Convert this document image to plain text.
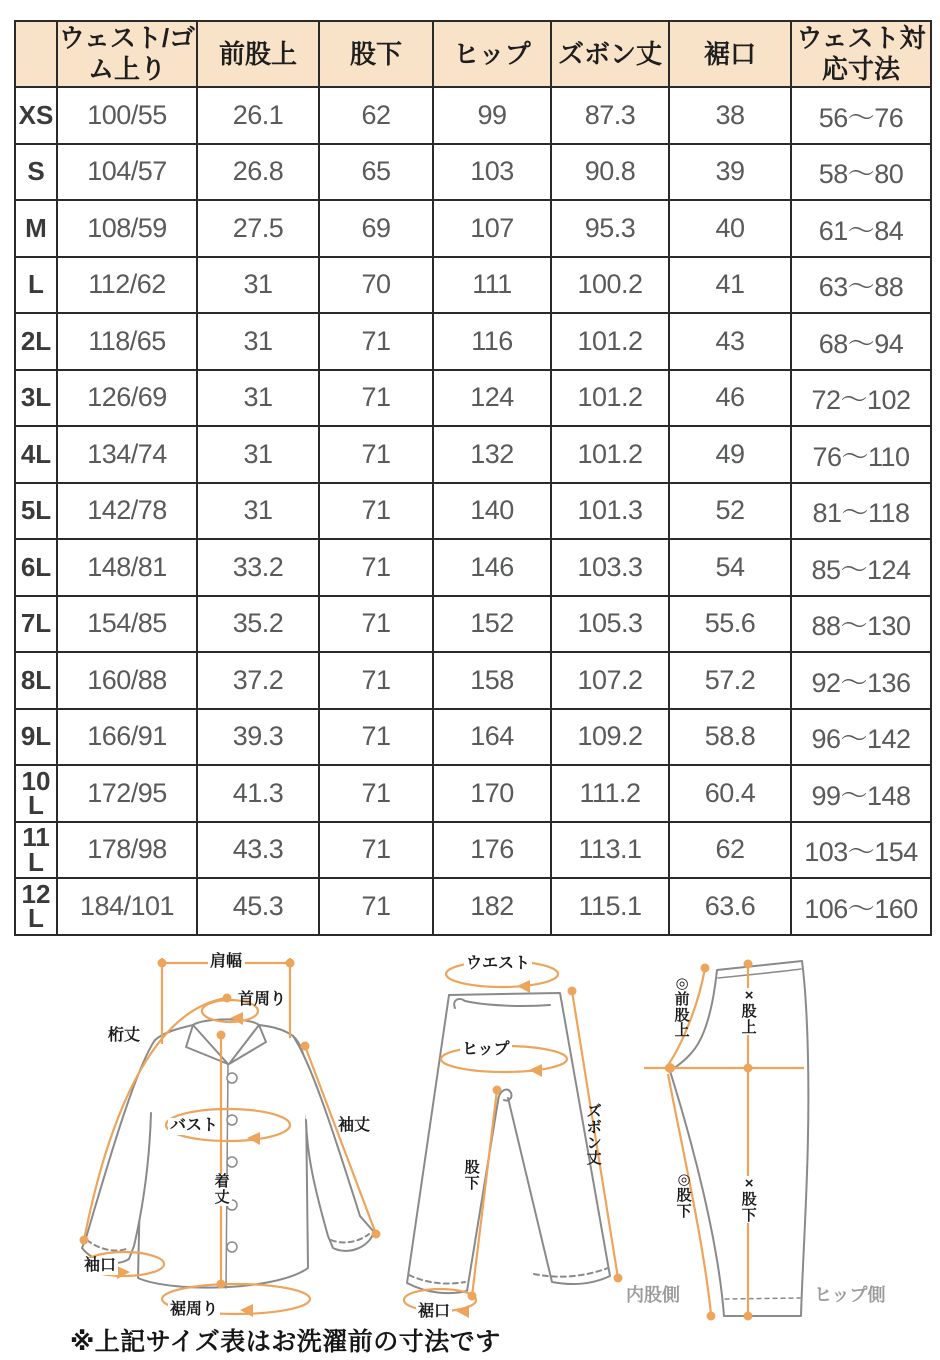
	ウェスト/ゴム上り	前股上	股下	ヒップ	ズボン丈	裾口	ウェスト対応寸法
XS	100/55	26.1	62	99	87.3	38	56～76
S	104/57	26.8	65	103	90.8	39	58～80
M	108/59	27.5	69	107	95.3	40	61～84
L	112/62	31	70	111	100.2	41	63～88
2L	118/65	31	71	116	101.2	43	68～94
3L	126/69	31	71	124	101.2	46	72～102
4L	134/74	31	71	132	101.2	49	76～110
5L	142/78	31	71	140	101.3	52	81～118
6L	148/81	33.2	71	146	103.3	54	85～124
7L	154/85	35.2	71	152	105.3	55.6	88～130
8L	160/88	37.2	71	158	107.2	57.2	92～136
9L	166/91	39.3	71	164	109.2	58.8	96～142
10L	172/95	41.3	71	170	111.2	60.4	99～148
11L	178/98	43.3	71	176	113.1	62	103～154
12L	184/101	45.3	71	182	115.1	63.6	106～160
肩幅
首周り
桁丈
バスト	袖丈
着丈
袖口
裾周り
ウエスト
ヒップ
ズボン丈
股下
裾口
◎前股上
×股上
◎股下
×股下
内股側	ヒップ側
※上記サイズ表はお洗濯前の寸法です
